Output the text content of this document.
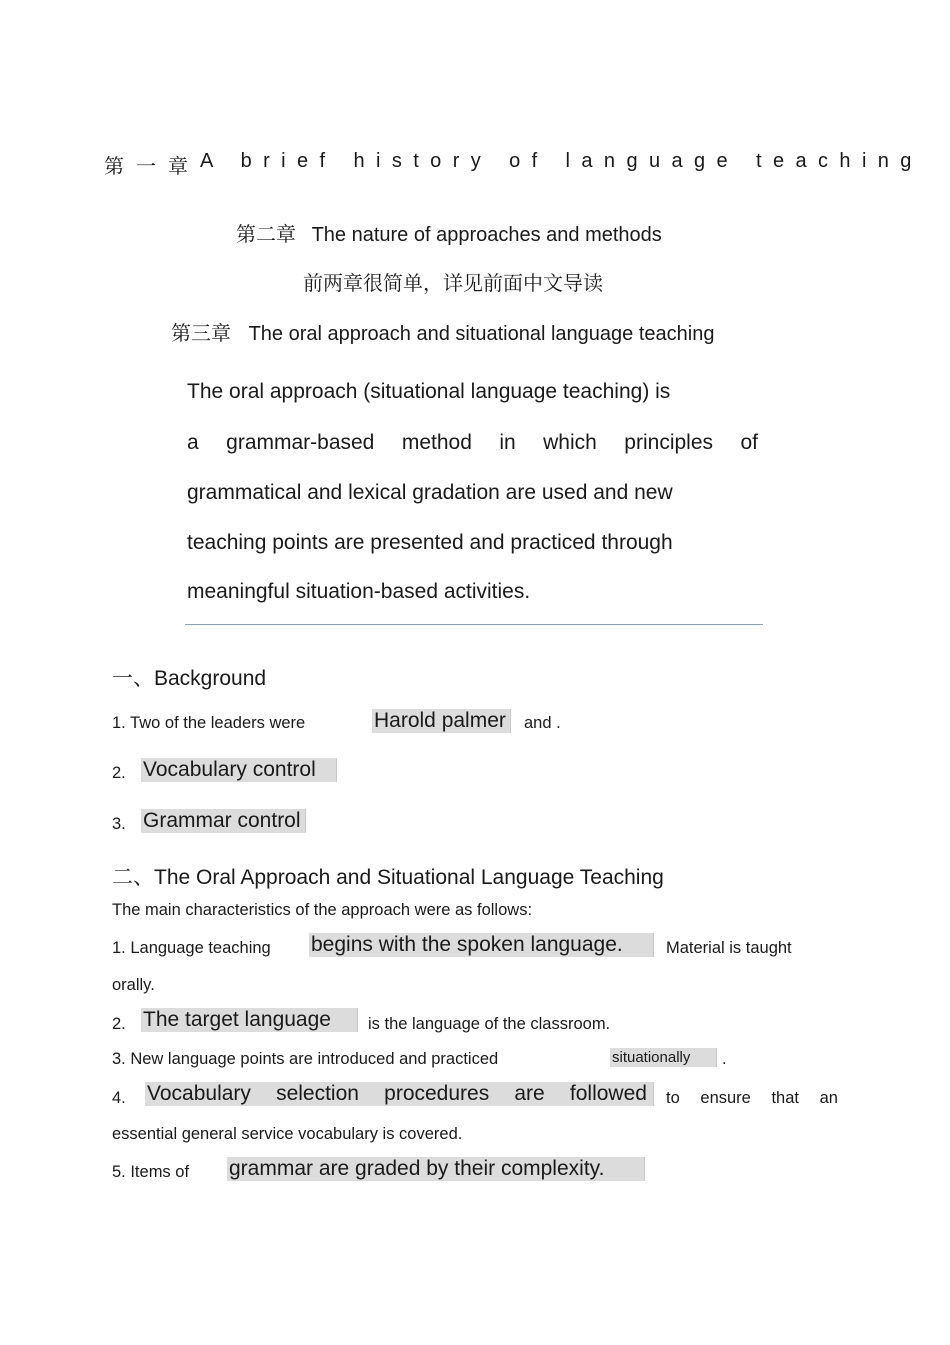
第一章 A brief history of language teaching
第二章 The nature of approaches and methods
前两章很简单，详见前面中文导读
第三章 The oral approach and situational language teaching
The oral approach (situational language teaching) is
a grammar-based method in which principles of
grammatical and lexical gradation are used and new
teaching points are presented and practiced through
meaningful situation-based activities.
一、Background
1. Two of the leaders were	Harold palmer	and .
2. Vocabulary control
3. Grammar control
二、The Oral Approach and Situational Language Teaching
The main characteristics of the approach were as follows:
1. Language teaching begins with the spoken language.	Material is taught
orally.
2. The target language	is the language of the classroom.
3. New language points are introduced and practiced	situationally	.
4. Vocabulary selection procedures are followed to ensure that an
essential general service vocabulary is covered.
5. Items of grammar are graded by their complexity.
